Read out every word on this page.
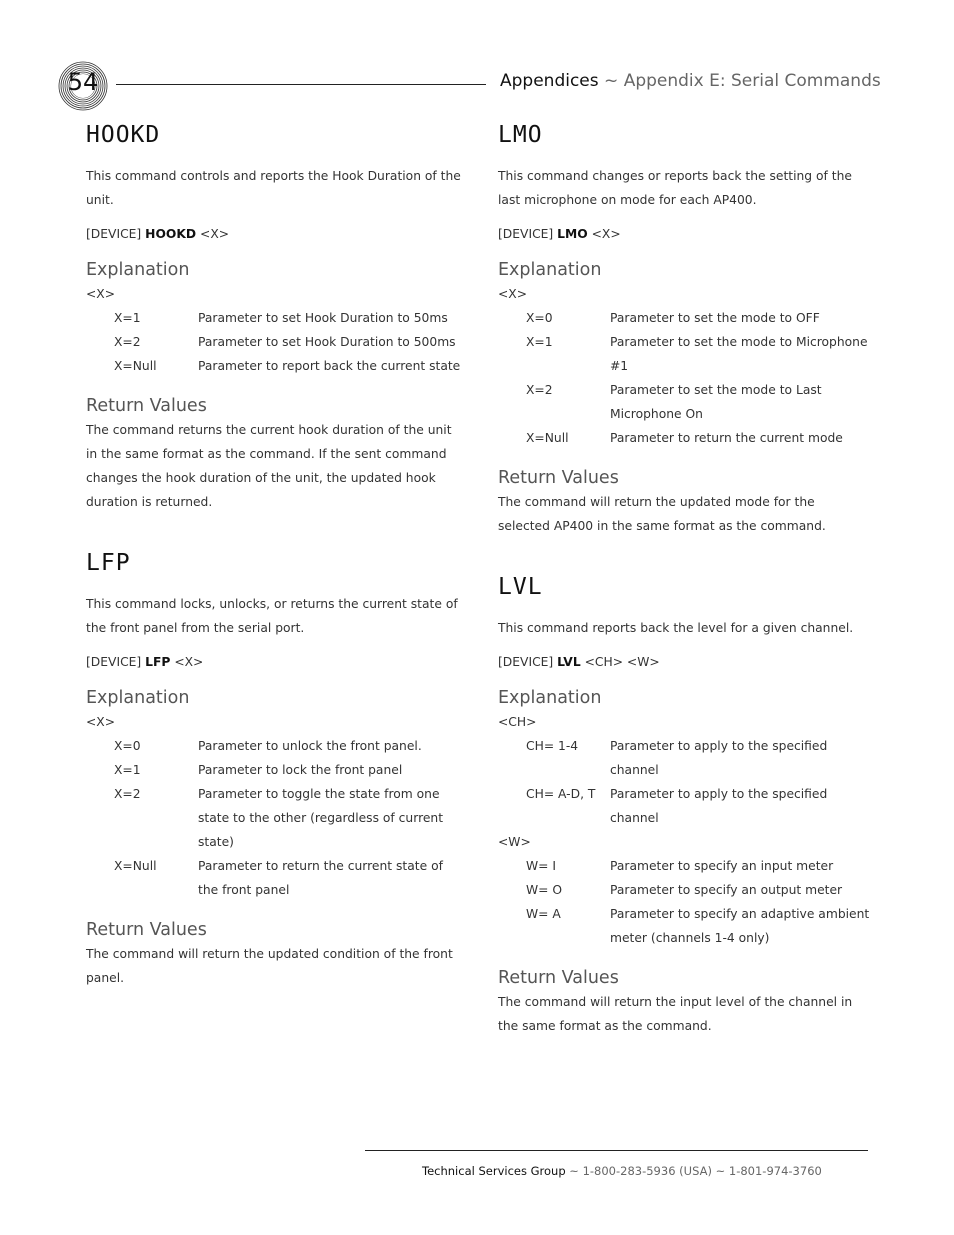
54	Appendices ~ Appendix E: Serial Commands
HOOKD

This command controls and reports the Hook Duration of the unit.

[DEVICE] HOOKD <X>
Explanation
<X>
X=1	Parameter to set Hook Duration to 50ms
X=2	Parameter to set Hook Duration to 500ms
X=Null	Parameter to report back the current state
Return Values

The command returns the current hook duration of the unit in the same format as the command. If the sent command changes the hook duration of the unit, the updated hook duration is returned.

LFP

This command locks, unlocks, or returns the current state of the front panel from the serial port.

[DEVICE] LFP <X>
Explanation
<X>
X=0	Parameter to unlock the front panel.
X=1	Parameter to lock the front panel
X=2	Parameter to toggle the state from one state to the other (regardless of current state)
X=Null	Parameter to return the current state of the front panel
Return Values

The command will return the updated condition of the front panel.

LMO

This command changes or reports back the setting of the last microphone on mode for each AP400.

[DEVICE] LMO <X>
Explanation
<X>
X=0	Parameter to set the mode to OFF
X=1	Parameter to set the mode to Microphone #1
X=2	Parameter to set the mode to Last Microphone On
X=Null	Parameter to return the current mode
Return Values

The command will return the updated mode for the selected AP400 in the same format as the command.

LVL

This command reports back the level for a given channel.

[DEVICE] LVL <CH> <W>
Explanation
<CH>
CH= 1-4	Parameter to apply to the specified channel
CH= A-D, T	Parameter to apply to the specified channel
<W>
W= I	Parameter to specify an input meter
W= O	Parameter to specify an output meter
W= A	Parameter to specify an adaptive ambient meter (channels 1-4 only)
Return Values

The command will return the input level of the channel in the same format as the command.

Technical Services Group ~ 1-800-283-5936 (USA) ~ 1-801-974-3760
